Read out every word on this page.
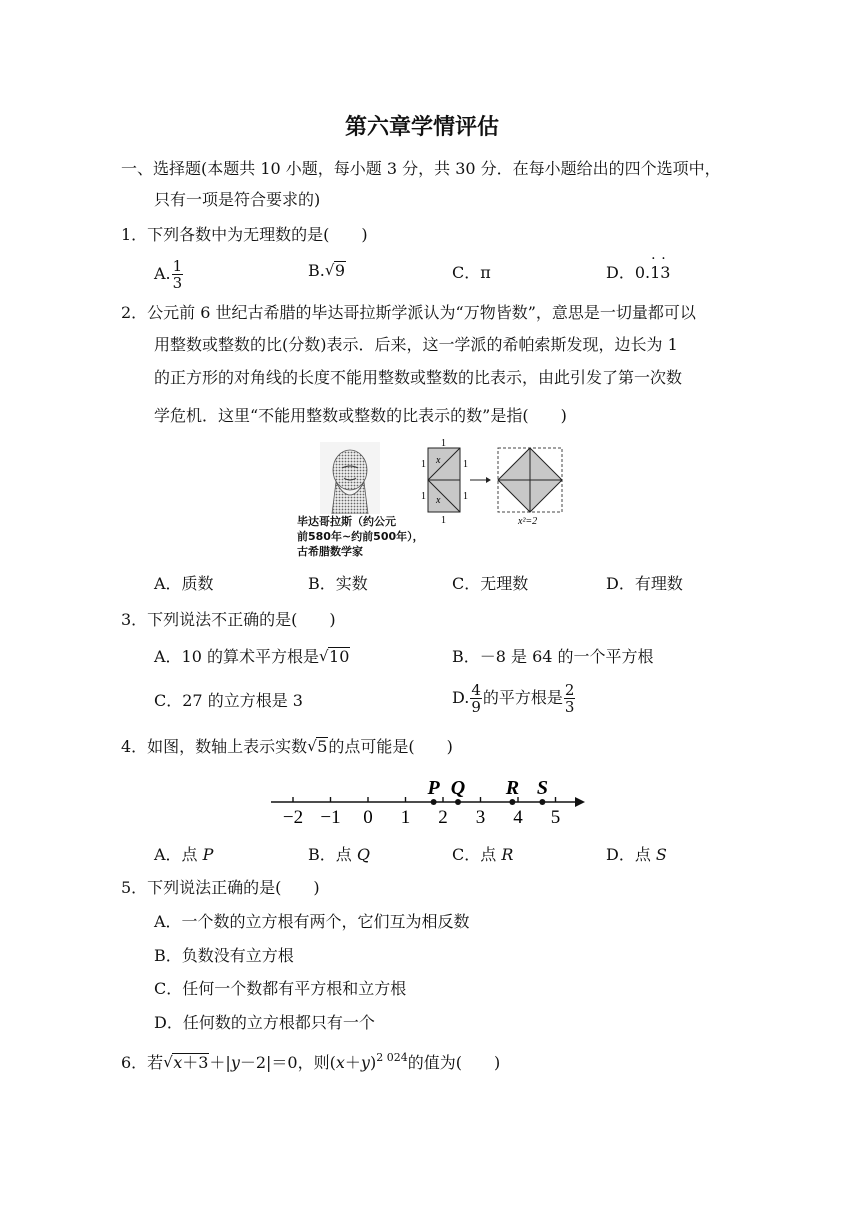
第六章学情评估
一、选择题(本题共 10 小题，每小题 3 分，共 30 分．在每小题给出的四个选项中，
只有一项是符合要求的)
1．下列各数中为无理数的是(　　)
A. $\frac{1}{3}$	B. √ 9	C．π	D．0.1 ·3 ·
2．公元前 6 世纪古希腊的毕达哥拉斯学派认为“万物皆数”，意思是一切量都可以
用整数或整数的比(分数)表示．后来，这一学派的希帕索斯发现，边长为 1
的正方形的对角线的长度不能用整数或整数的比表示，由此引发了第一次数
学危机．这里“不能用整数或整数的比表示的数”是指(　　)
毕达哥拉斯（约公元
前580年~约前500年），
古希腊数学家
1
1	1
1	1
1
x
x
x²=2
A．质数	B．实数	C．无理数	D．有理数
3．下列说法不正确的是(　　)
A．10 的算术平方根是 √ 10	B．－8 是 64 的一个平方根
C．27 的立方根是 3	D. $\frac{4}{9}$ 的平方根是 $\frac{2}{3}$
4．如图，数轴上表示实数 √ 5的点可能是(　　)
−2 −1 0 1 2 3 4 5
P Q R S
A．点 P	B．点 Q	C．点 R	D．点 S
5．下列说法正确的是(　　)
A．一个数的立方根有两个，它们互为相反数
B．负数没有立方根
C．任何一个数都有平方根和立方根
D．任何数的立方根都只有一个
6．若 √ x＋3＋|y－2|＝0，则$(x+y)^{2 024}$的值为(　　)
